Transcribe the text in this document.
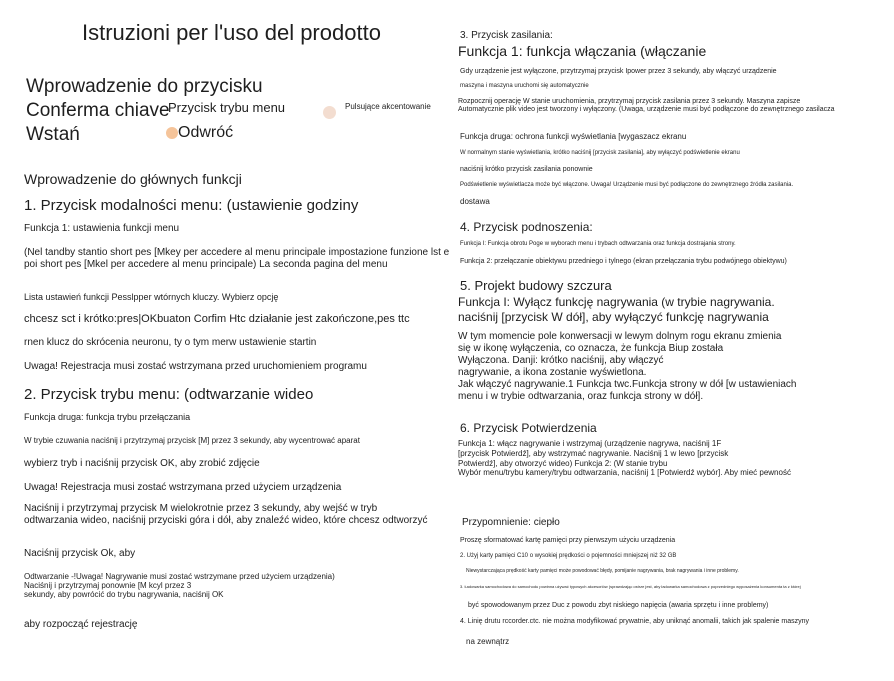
Istruzioni per l'uso del prodotto
Wprowadzenie do przycisku
Conferma chiave
Wstań
Przycisk trybu menu	Pulsujące akcentowanie
Odwróć
Wprowadzenie do głównych funkcji
1. Przycisk modalności menu: (ustawienie godziny
Funkcja 1: ustawienia funkcji menu
(Nel tandby stantio short pes [Mkey per accedere al menu principale impostazione funzione lst e
poi short pes [Mkel per accedere al menu principale) La seconda pagina del menu
Lista ustawień funkcji Pesslpper wtórnych kluczy. Wybierz opcję
chcesz sct i krótko:pres|OKbuaton Corfim Htc działanie jest zakończone,pes ttc
rnen klucz do skrócenia neuronu, ty o tym merw ustawienie startin
Uwaga! Rejestracja musi zostać wstrzymana przed uruchomieniem programu
2. Przycisk trybu menu: (odtwarzanie wideo
Funkcja druga: funkcja trybu przełączania
W trybie czuwania naciśnij i przytrzymaj przycisk [M] przez 3 sekundy, aby wycentrować aparat
wybierz tryb i naciśnij przycisk OK, aby zrobić zdjęcie
Uwaga! Rejestracja musi zostać wstrzymana przed użyciem urządzenia
Naciśnij i przytrzymaj przycisk M wielokrotnie przez 3 sekundy, aby wejść w tryb
odtwarzania wideo, naciśnij przyciski góra i dół, aby znaleźć wideo, które chcesz odtworzyć
Naciśnij przycisk Ok, aby
Odtwarzanie -!Uwaga! Nagrywanie musi zostać wstrzymane przed użyciem urządzenia)
Naciśnij i przytrzymaj ponownie [M kcyl przez 3
sekundy, aby powrócić do trybu nagrywania, naciśnij OK
aby rozpocząć rejestrację
3. Przycisk zasilania:
Funkcja 1: funkcja włączania (włączanie
Gdy urządzenie jest wyłączone, przytrzymaj przycisk Ipower przez 3 sekundy, aby włączyć urządzenie
maszyna i maszyna uruchomi się automatycznie
Rozpocznij operację W stanie uruchomienia, przytrzymaj przycisk zasilania przez 3 sekundy. Maszyna zapisze
Automatycznie plik video jest tworzony i wyłączony. (Uwaga, urządzenie musi być podłączone do zewnętrznego zasilacza
Funkcja druga: ochrona funkcji wyświetlania [wygaszacz ekranu
W normalnym stanie wyświetlania, krótko naciśnij [przycisk zasilania], aby wyłączyć podświetlenie ekranu
naciśnij krótko przycisk zasilania ponownie
Podświetlenie wyświetlacza może być włączone. Uwaga! Urządzenie musi być podłączone do zewnętrznego źródła zasilania.
dostawa
4. Przycisk podnoszenia:
Funkcja I: Funkcja obrotu Poge w wyborach menu i trybach odtwarzania oraz funkcja dostrajania strony.
Funkcja 2: przełączanie obiektywu przedniego i tylnego (ekran przełączania trybu podwójnego obiektywu)
5. Projekt budowy szczura
Funkcja I: Wyłącz funkcję nagrywania (w trybie nagrywania.
naciśnij [przycisk W dół], aby wyłączyć funkcję nagrywania
W tym momencie pole konwersacji w lewym dolnym rogu ekranu zmienia
się w ikonę wyłączenia, co oznacza, że funkcja Biup została
Wyłączona. Danji: krótko naciśnij, aby włączyć
nagrywanie, a ikona zostanie wyświetlona.
Jak włączyć nagrywanie.1 Funkcja twc.Funkcja strony w dół [w ustawieniach
menu i w trybie odtwarzania, oraz funkcja strony w dół].
6. Przycisk Potwierdzenia
Funkcja 1: włącz nagrywanie i wstrzymaj (urządzenie nagrywa, naciśnij 1F
[przycisk Potwierdź], aby wstrzymać nagrywanie. Naciśnij 1 w lewo [przycisk
Potwierdź], aby otworzyć wideo) Funkcja 2: (W stanie trybu
Wybór menu/trybu kamery/trybu odtwarzania, naciśnij 1 [Potwierdź wybór]. Aby mieć pewność
Przypomnienie: ciepło
Proszę sformatować kartę pamięci przy pierwszym użyciu urządzenia
2. Użyj karty pamięci C10 o wysokiej prędkości o pojemności mniejszej niż 32 GB
Niewystarczająca prędkość karty pamięci może powodować błędy, pomijanie nagrywania, brak nagrywania i inne problemy.
3. Ładowarka samochodowa do samochodu powinna używać typowych akcesoriów (sprawdzając ostrze jest, aby ładowarka samochodowa z poprzedniego wyposażenia konsumenta ta z której
być spowodowanym przez Duc z powodu zbyt niskiego napięcia (awaria sprzętu i inne problemy)
4. Linię drutu rccorder.ctc. nie można modyfikować prywatnie, aby uniknąć anomalii, takich jak spalenie maszyny
na zewnątrz
